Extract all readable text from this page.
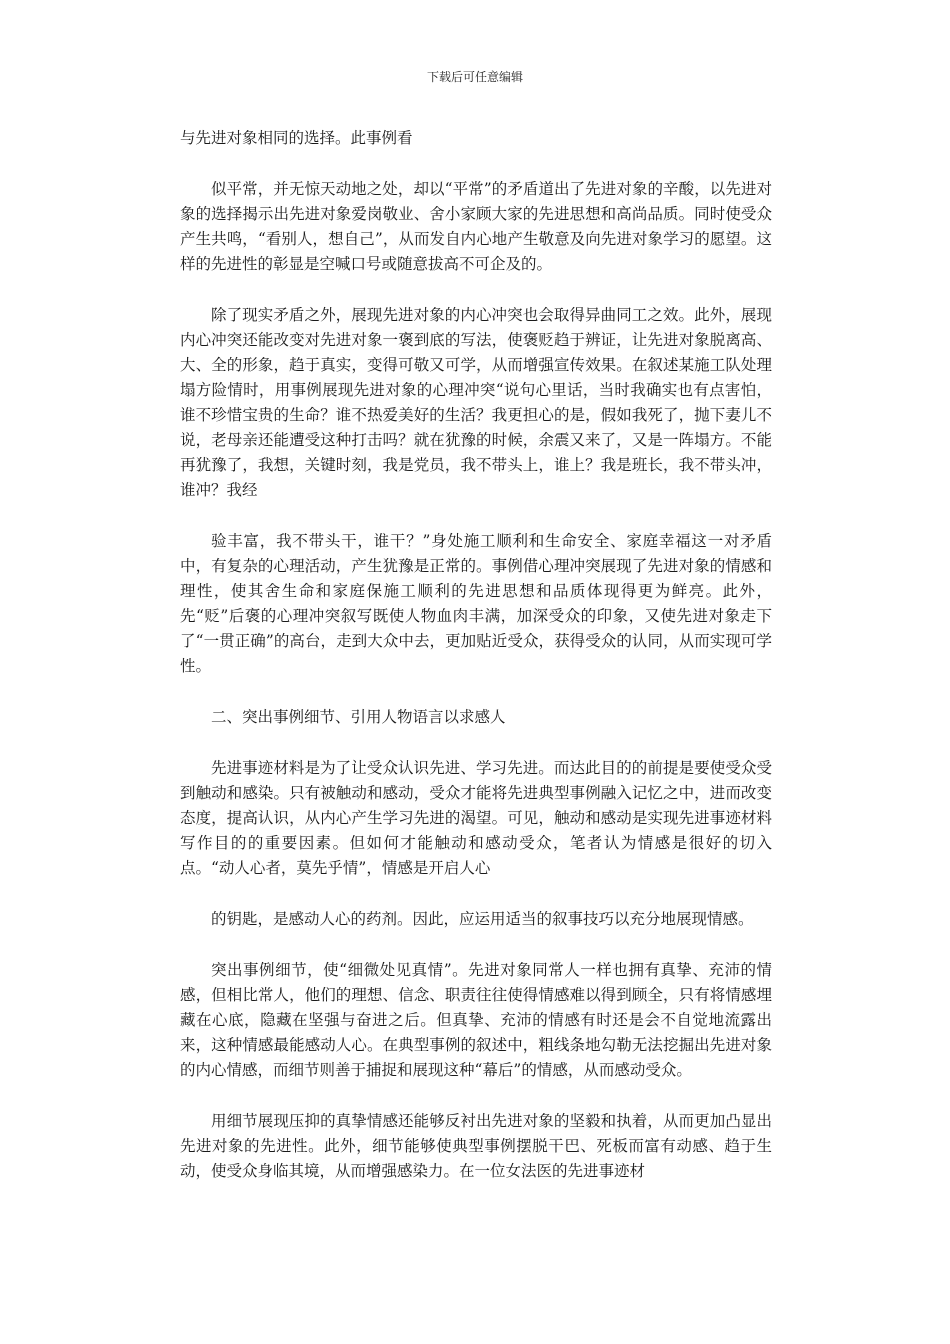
下载后可任意编辑

与先进对象相同的选择。此事例看

似平常，并无惊天动地之处，却以“平常”的矛盾道出了先进对象的辛酸，以先进对象的选择揭示出先进对象爱岗敬业、舍小家顾大家的先进思想和高尚品质。同时使受众产生共鸣，“看别人，想自己”，从而发自内心地产生敬意及向先进对象学习的愿望。这样的先进性的彰显是空喊口号或随意拔高不可企及的。

除了现实矛盾之外，展现先进对象的内心冲突也会取得异曲同工之效。此外，展现内心冲突还能改变对先进对象一褒到底的写法，使褒贬趋于辨证，让先进对象脱离高、大、全的形象，趋于真实，变得可敬又可学，从而增强宣传效果。在叙述某施工队处理塌方险情时，用事例展现先进对象的心理冲突“说句心里话，当时我确实也有点害怕，谁不珍惜宝贵的生命？谁不热爱美好的生活？我更担心的是，假如我死了，抛下妻儿不说，老母亲还能遭受这种打击吗？就在犹豫的时候，余震又来了，又是一阵塌方。不能再犹豫了，我想，关键时刻，我是党员，我不带头上，谁上？我是班长，我不带头冲，谁冲？我经

验丰富，我不带头干，谁干？”身处施工顺利和生命安全、家庭幸福这一对矛盾中，有复杂的心理活动，产生犹豫是正常的。事例借心理冲突展现了先进对象的情感和理性，使其舍生命和家庭保施工顺利的先进思想和品质体现得更为鲜亮。此外，先“贬”后褒的心理冲突叙写既使人物血肉丰满，加深受众的印象，又使先进对象走下了“一贯正确”的高台，走到大众中去，更加贴近受众，获得受众的认同，从而实现可学性。

二、突出事例细节、引用人物语言以求感人

先进事迹材料是为了让受众认识先进、学习先进。而达此目的的前提是要使受众受到触动和感染。只有被触动和感动，受众才能将先进典型事例融入记忆之中，进而改变态度，提高认识，从内心产生学习先进的渴望。可见，触动和感动是实现先进事迹材料写作目的的重要因素。但如何才能触动和感动受众，笔者认为情感是很好的切入点。“动人心者，莫先乎情”，情感是开启人心

的钥匙，是感动人心的药剂。因此，应运用适当的叙事技巧以充分地展现情感。

突出事例细节，使“细微处见真情”。先进对象同常人一样也拥有真挚、充沛的情感，但相比常人，他们的理想、信念、职责往往使得情感难以得到顾全，只有将情感埋藏在心底，隐藏在坚强与奋进之后。但真挚、充沛的情感有时还是会不自觉地流露出来，这种情感最能感动人心。在典型事例的叙述中，粗线条地勾勒无法挖掘出先进对象的内心情感，而细节则善于捕捉和展现这种“幕后”的情感，从而感动受众。

用细节展现压抑的真挚情感还能够反衬出先进对象的坚毅和执着，从而更加凸显出先进对象的先进性。此外，细节能够使典型事例摆脱干巴、死板而富有动感、趋于生动，使受众身临其境，从而增强感染力。在一位女法医的先进事迹材
